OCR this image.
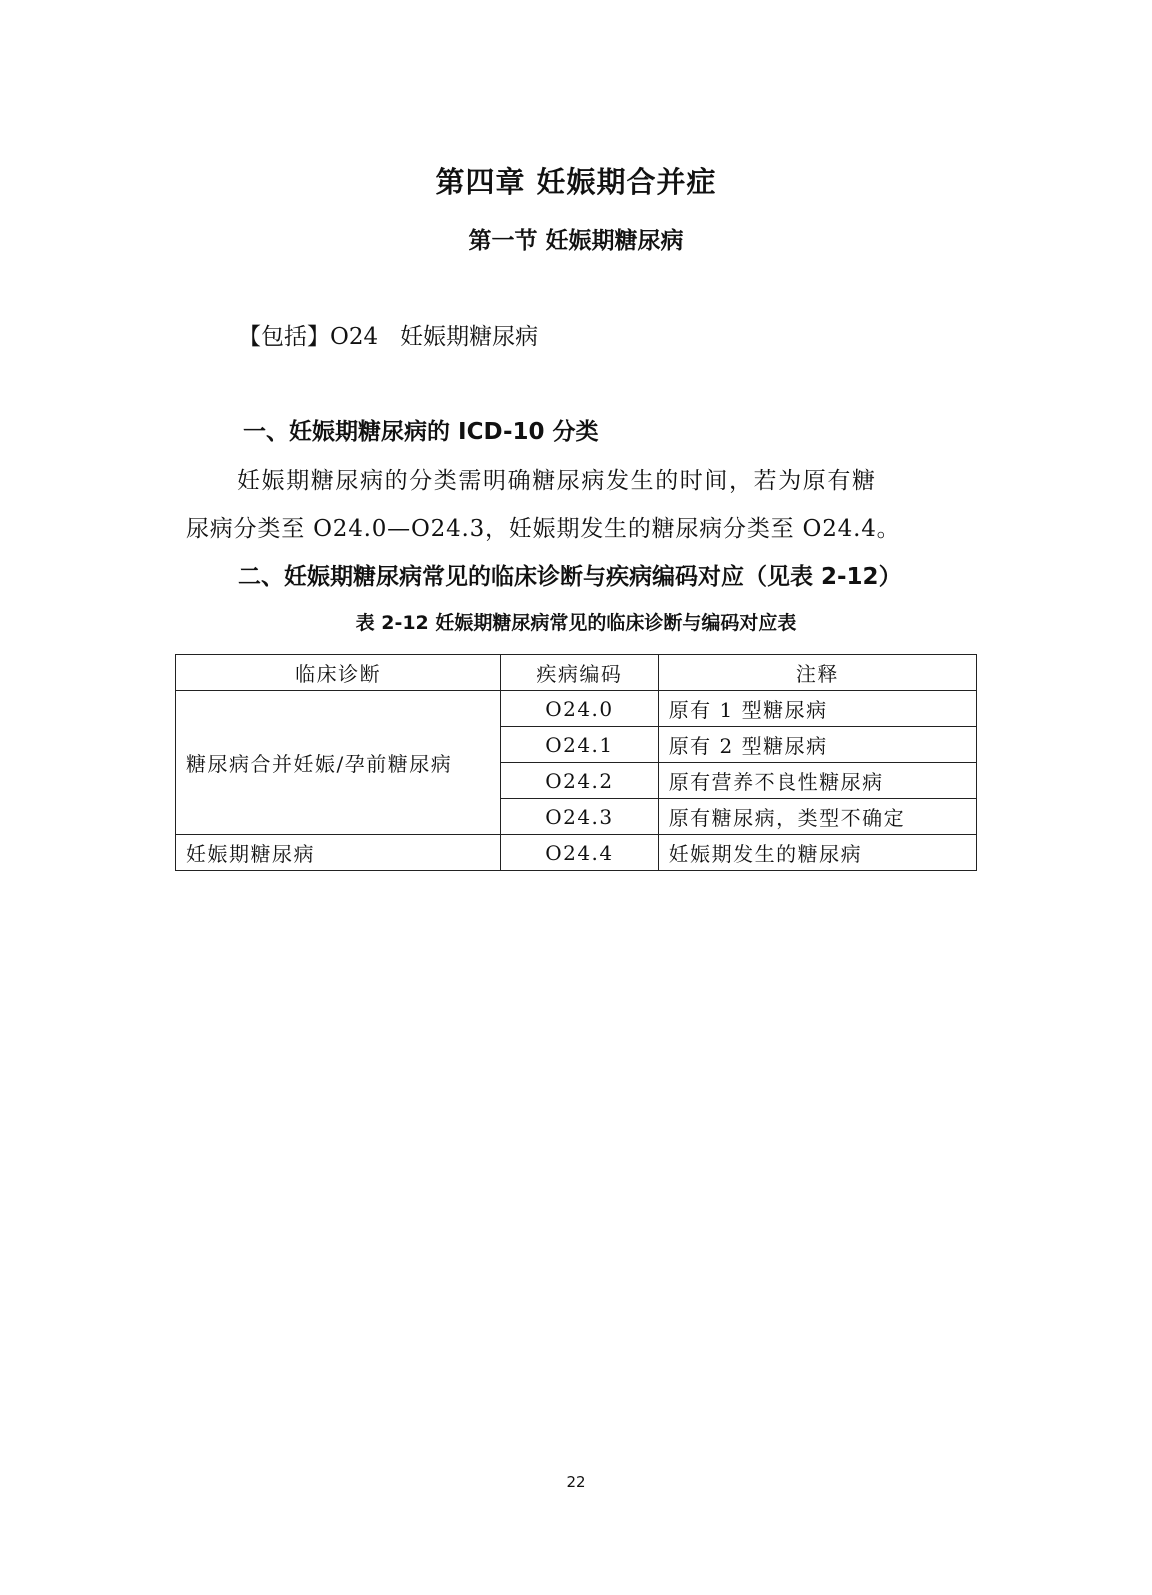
第四章 妊娠期合并症
第一节 妊娠期糖尿病
【包括】O24 妊娠期糖尿病
一、妊娠期糖尿病的 ICD-10 分类
妊娠期糖尿病的分类需明确糖尿病发生的时间，若为原有糖
尿病分类至 O24.0—O24.3，妊娠期发生的糖尿病分类至 O24.4。
二、妊娠期糖尿病常见的临床诊断与疾病编码对应（见表 2-12）
表 2-12 妊娠期糖尿病常见的临床诊断与编码对应表
临床诊断	疾病编码	注释
糖尿病合并妊娠/孕前糖尿病	O24.0	原有 1 型糖尿病
	O24.1	原有 2 型糖尿病
	O24.2	原有营养不良性糖尿病
	O24.3	原有糖尿病，类型不确定
妊娠期糖尿病	O24.4	妊娠期发生的糖尿病
22
